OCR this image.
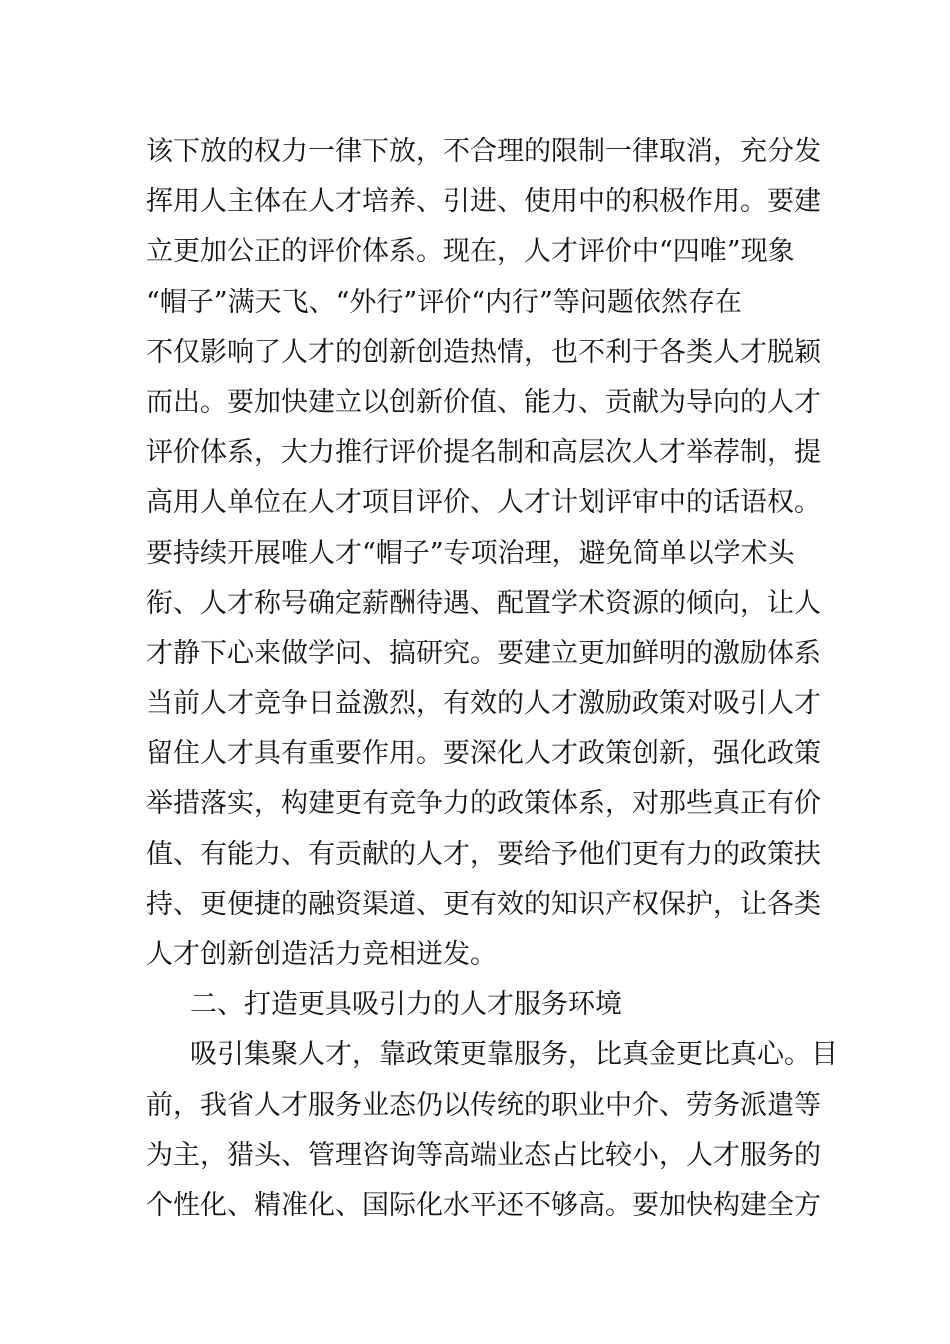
该下放的权力一律下放，不合理的限制一律取消，充分发
挥用人主体在人才培养、引进、使用中的积极作用。要建
立更加公正的评价体系。现在，人才评价中“四唯”现象
“帽子”满天飞、“外行”评价“内行”等问题依然存在
不仅影响了人才的创新创造热情，也不利于各类人才脱颖
而出。要加快建立以创新价值、能力、贡献为导向的人才
评价体系，大力推行评价提名制和高层次人才举荐制，提
高用人单位在人才项目评价、人才计划评审中的话语权。
要持续开展唯人才“帽子”专项治理，避免简单以学术头
衔、人才称号确定薪酬待遇、配置学术资源的倾向，让人
才静下心来做学问、搞研究。要建立更加鲜明的激励体系
当前人才竞争日益激烈，有效的人才激励政策对吸引人才
留住人才具有重要作用。要深化人才政策创新，强化政策
举措落实，构建更有竞争力的政策体系，对那些真正有价
值、有能力、有贡献的人才，要给予他们更有力的政策扶
持、更便捷的融资渠道、更有效的知识产权保护，让各类
人才创新创造活力竞相迸发。
二、打造更具吸引力的人才服务环境
吸引集聚人才，靠政策更靠服务，比真金更比真心。目
前，我省人才服务业态仍以传统的职业中介、劳务派遣等
为主，猎头、管理咨询等高端业态占比较小，人才服务的
个性化、精准化、国际化水平还不够高。要加快构建全方
